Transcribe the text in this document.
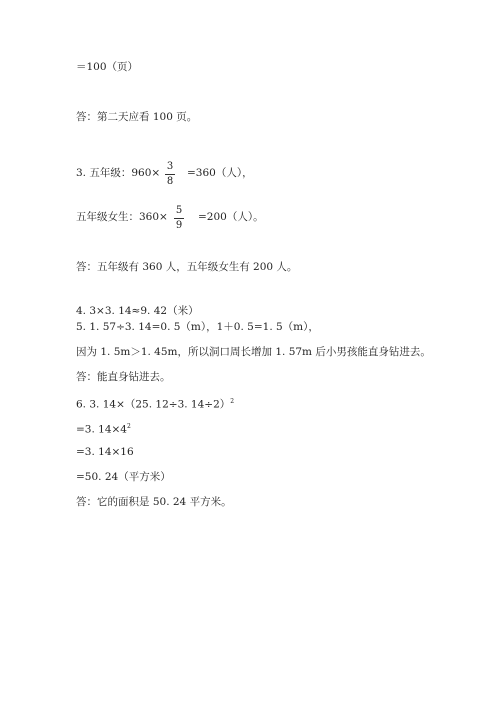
＝100（页）
答：第二天应看 100 页。
3. 五年级：960×
3
8
=360（人），
五年级女生：360×
5
9
=200（人）。
答：五年级有 360 人，五年级女生有 200 人。
4. 3×3. 14≈9. 42（米）
5. 1. 57÷3. 14=0. 5（m），1＋0. 5=1. 5（m），
因为 1. 5m＞1. 45m，所以洞口周长增加 1. 57m 后小男孩能直身钻进去。
答：能直身钻进去。
6. 3. 14×（25. 12÷3. 14÷2）$^2$
=3. $14\times 4^2$
=3. 14×16
=50. 24（平方米）
答：它的面积是 50. 24 平方米。
